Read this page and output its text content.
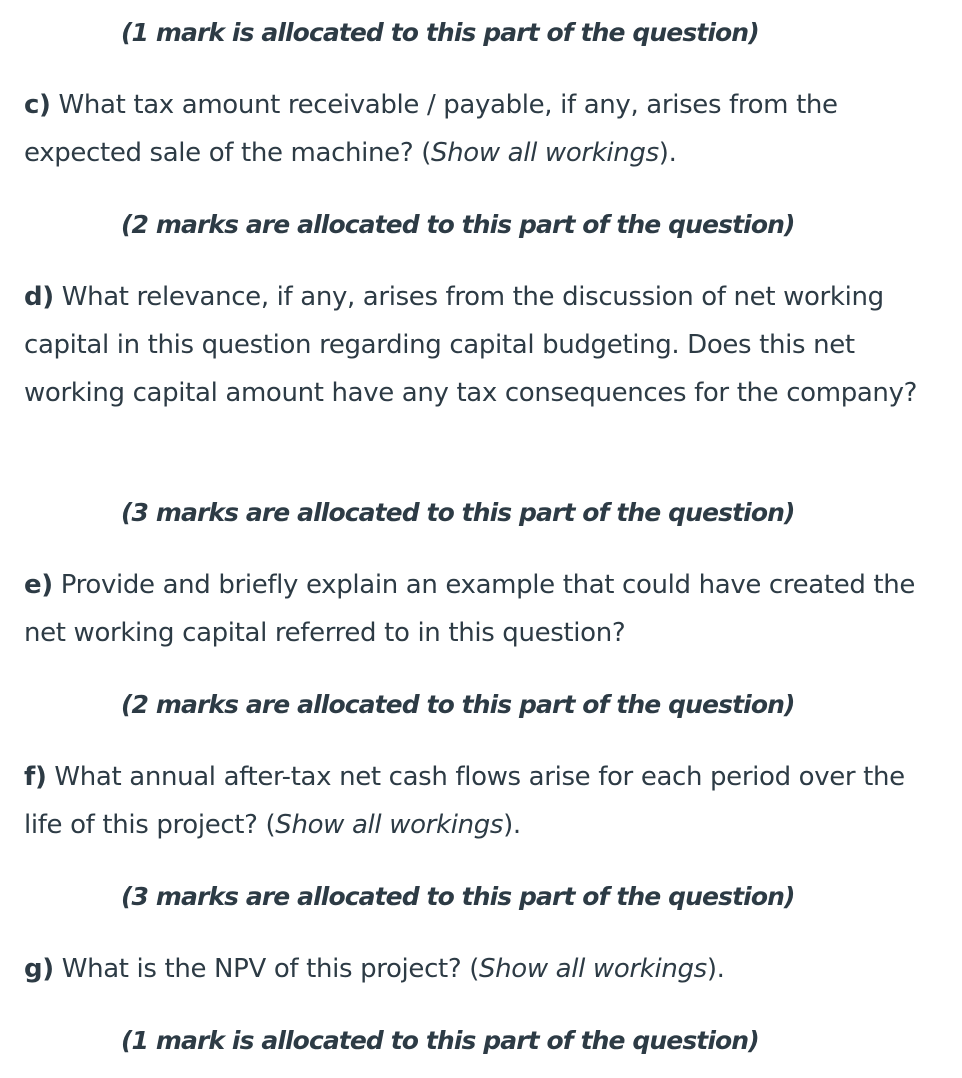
(1 mark is allocated to this part of the question)

c) What tax amount receivable / payable, if any, arises from the expected sale of the machine? (Show all workings).

(2 marks are allocated to this part of the question)

d) What relevance, if any, arises from the discussion of net working capital in this question regarding capital budgeting. Does this net working capital amount have any tax consequences for the company?

(3 marks are allocated to this part of the question)

e) Provide and briefly explain an example that could have created the net working capital referred to in this question?

(2 marks are allocated to this part of the question)

f) What annual after-tax net cash flows arise for each period over the life of this project? (Show all workings).

(3 marks are allocated to this part of the question)

g) What is the NPV of this project? (Show all workings).

(1 mark is allocated to this part of the question)
